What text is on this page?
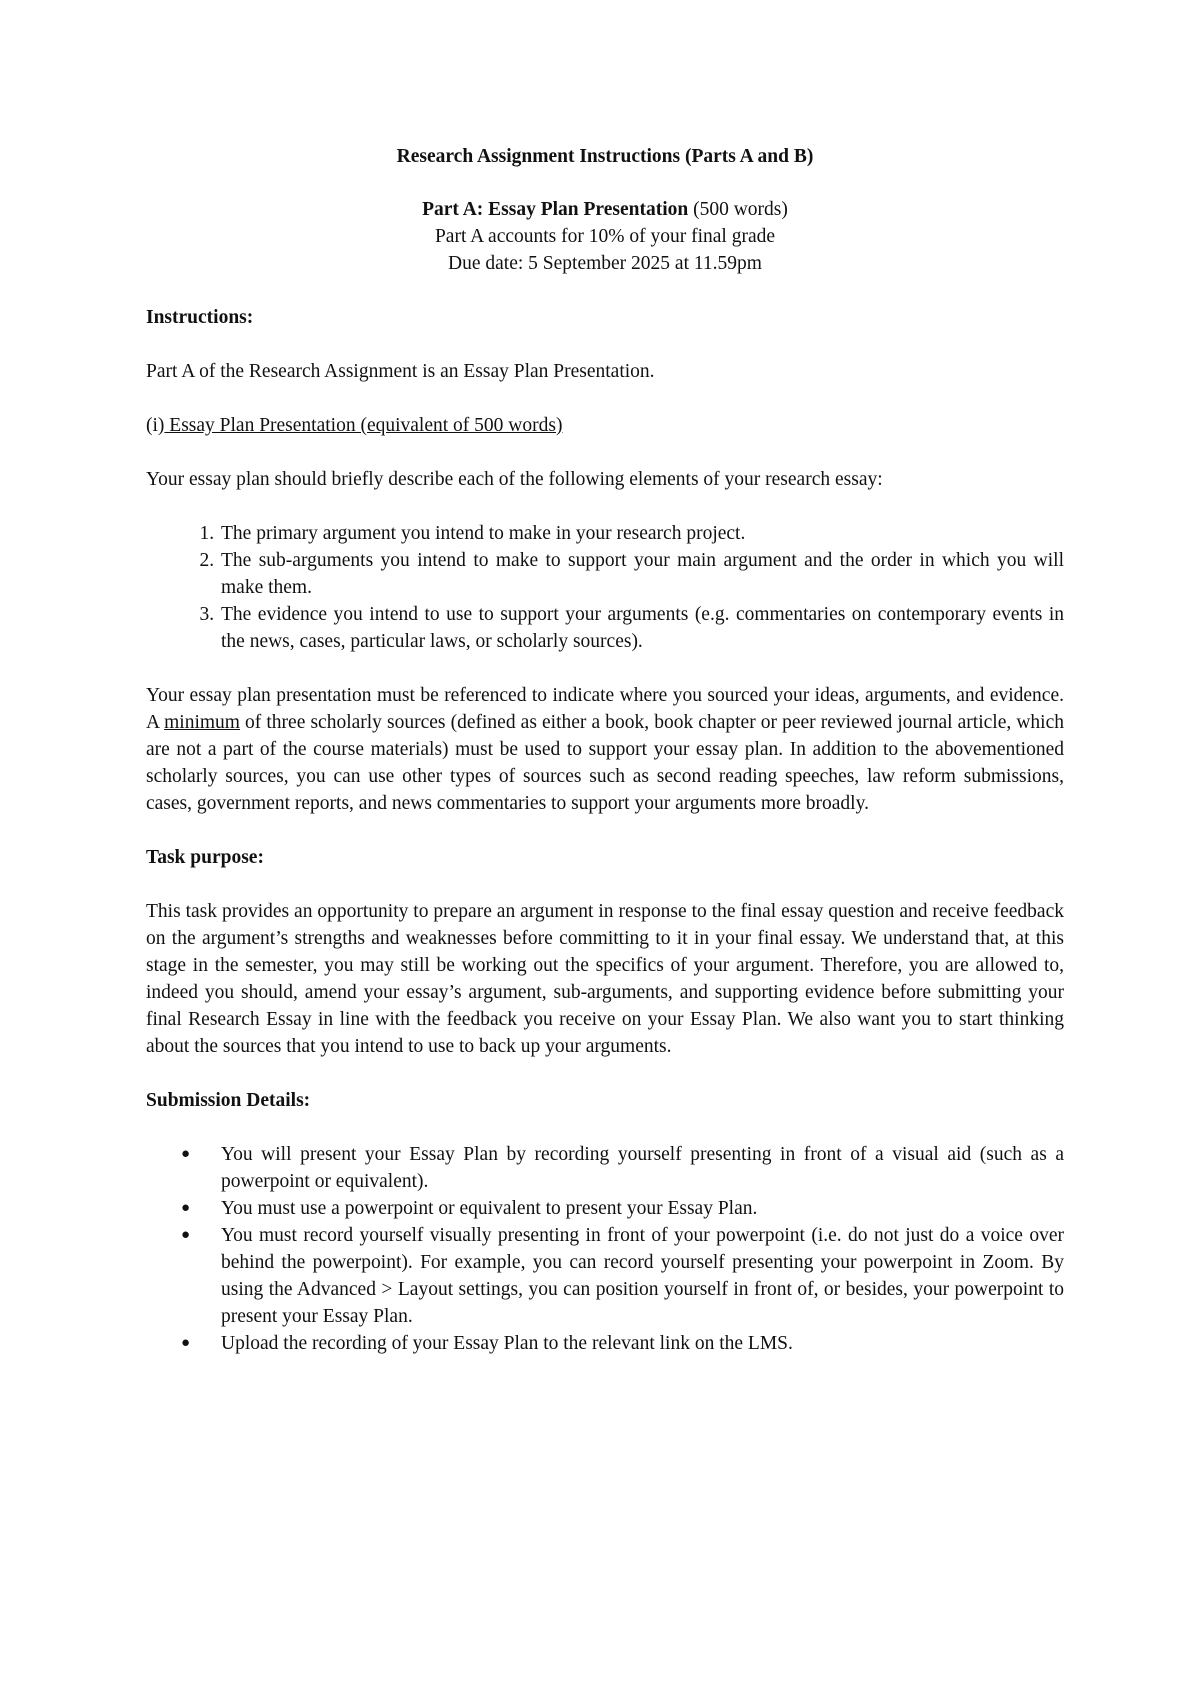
Research Assignment Instructions (Parts A and B)
Part A: Essay Plan Presentation (500 words)
Part A accounts for 10% of your final grade
Due date: 5 September 2025 at 11.59pm
Instructions:

Part A of the Research Assignment is an Essay Plan Presentation.

(i) Essay Plan Presentation (equivalent of 500 words)

Your essay plan should briefly describe each of the following elements of your research essay:

1. The primary argument you intend to make in your research project.
2. The sub-arguments you intend to make to support your main argument and the order in which you will make them.
3. The evidence you intend to use to support your arguments (e.g. commentaries on contemporary events in the news, cases, particular laws, or scholarly sources).

Your essay plan presentation must be referenced to indicate where you sourced your ideas, arguments, and evidence. A minimum of three scholarly sources (defined as either a book, book chapter or peer reviewed journal article, which are not a part of the course materials) must be used to support your essay plan. In addition to the abovementioned scholarly sources, you can use other types of sources such as second reading speeches, law reform submissions, cases, government reports, and news commentaries to support your arguments more broadly.

Task purpose:

This task provides an opportunity to prepare an argument in response to the final essay question and receive feedback on the argument’s strengths and weaknesses before committing to it in your final essay. We understand that, at this stage in the semester, you may still be working out the specifics of your argument. Therefore, you are allowed to, indeed you should, amend your essay’s argument, sub-arguments, and supporting evidence before submitting your final Research Essay in line with the feedback you receive on your Essay Plan. We also want you to start thinking about the sources that you intend to use to back up your arguments.

Submission Details:
● You will present your Essay Plan by recording yourself presenting in front of a visual aid (such as a powerpoint or equivalent).
● You must use a powerpoint or equivalent to present your Essay Plan.
● You must record yourself visually presenting in front of your powerpoint (i.e. do not just do a voice over behind the powerpoint). For example, you can record yourself presenting your powerpoint in Zoom. By using the Advanced > Layout settings, you can position yourself in front of, or besides, your powerpoint to present your Essay Plan.
● Upload the recording of your Essay Plan to the relevant link on the LMS.
